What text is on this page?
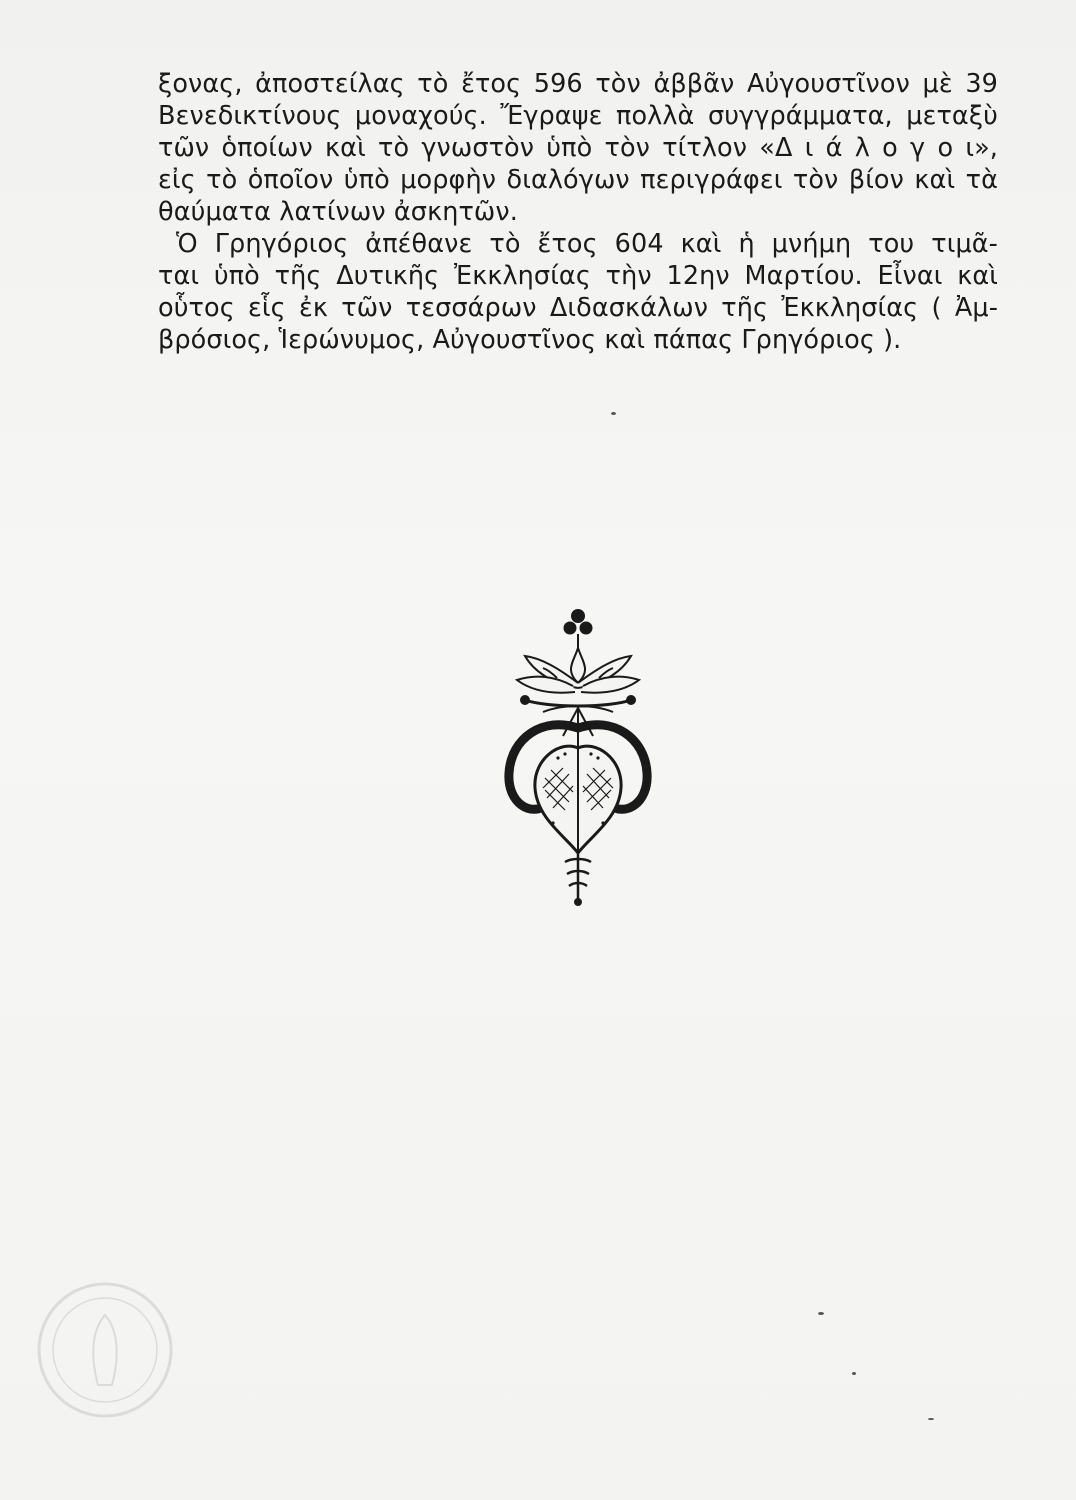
ξονας, ἀποστείλας τὸ ἔτος 596 τὸν ἀββᾶν Αὐγουστῖνον μὲ 39
Βενεδικτίνους μοναχούς. Ἔγραψε πολλὰ συγγράμματα, μεταξὺ
τῶν ὁποίων καὶ τὸ γνωστὸν ὑπὸ τὸν τίτλον «Δ ι ά λ ο γ ο ι»,
εἰς τὸ ὁποῖον ὑπὸ μορφὴν διαλόγων περιγράφει τὸν βίον καὶ τὰ
θαύματα λατίνων ἀσκητῶν.
Ὁ Γρηγόριος ἀπέθανε τὸ ἔτος 604 καὶ ἡ μνήμη του τιμᾶ-
ται ὑπὸ τῆς Δυτικῆς Ἐκκλησίας τὴν 12ην Μαρτίου. Εἶναι καὶ
οὗτος εἷς ἐκ τῶν τεσσάρων Διδασκάλων τῆς Ἐκκλησίας ( Ἀμ-
βρόσιος, Ἱερώνυμος, Αὐγουστῖνος καὶ πάπας Γρηγόριος ).
